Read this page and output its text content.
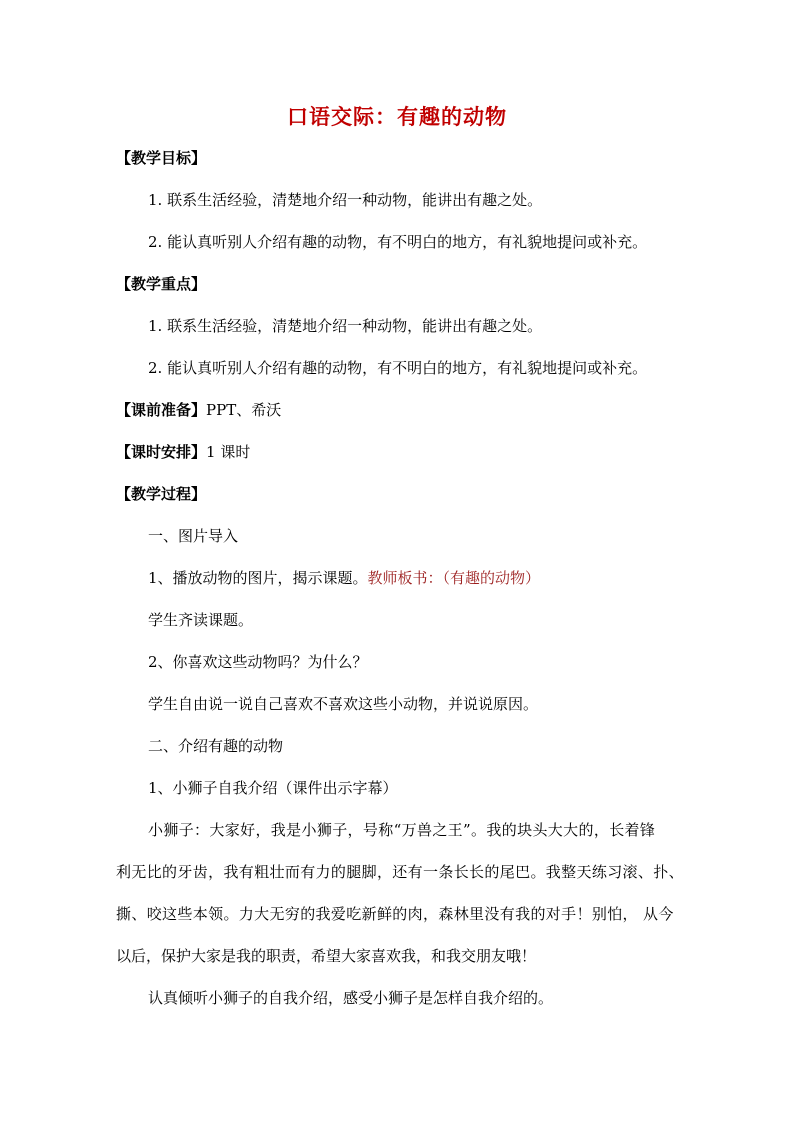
口语交际：有趣的动物
【教学目标】
1. 联系生活经验，清楚地介绍一种动物，能讲出有趣之处。
2. 能认真听别人介绍有趣的动物，有不明白的地方，有礼貌地提问或补充。
【教学重点】
1. 联系生活经验，清楚地介绍一种动物，能讲出有趣之处。
2. 能认真听别人介绍有趣的动物，有不明白的地方，有礼貌地提问或补充。
【课前准备】PPT、希沃
【课时安排】1 课时
【教学过程】
一、图片导入
1、播放动物的图片，揭示课题。教师板书：（有趣的动物）
学生齐读课题。
2、你喜欢这些动物吗？为什么？
学生自由说一说自己喜欢不喜欢这些小动物，并说说原因。
二、介绍有趣的动物
1、小狮子自我介绍（课件出示字幕）
小狮子：大家好，我是小狮子，号称“万兽之王”。我的块头大大的，长着锋
利无比的牙齿，我有粗壮而有力的腿脚，还有一条长长的尾巴。我整天练习滚、扑、
撕、咬这些本领。力大无穷的我爱吃新鲜的肉，森林里没有我的对手！别怕， 从今
以后，保护大家是我的职责，希望大家喜欢我，和我交朋友哦！
认真倾听小狮子的自我介绍，感受小狮子是怎样自我介绍的。
